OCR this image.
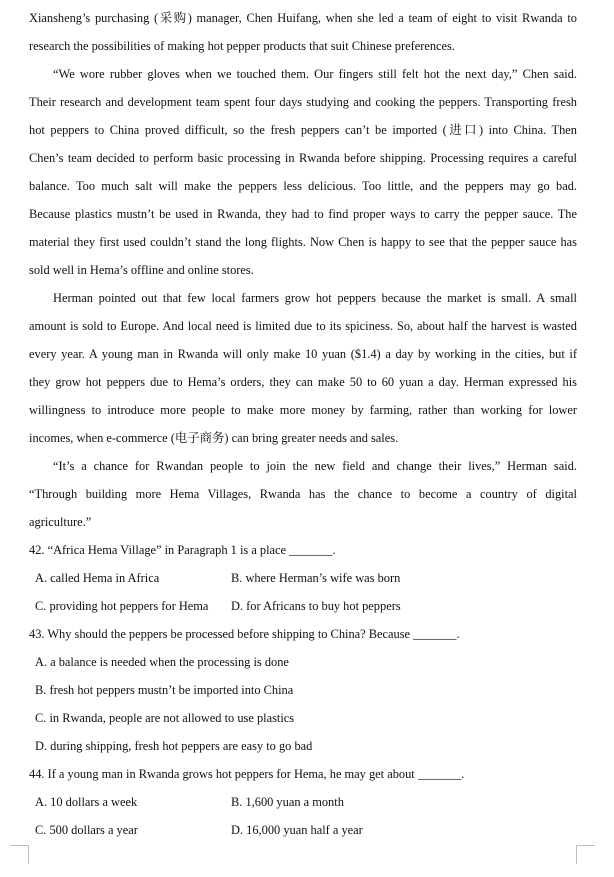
Xiansheng’s purchasing (采购) manager, Chen Huifang, when she led a team of eight to visit Rwanda to

research the possibilities of making hot pepper products that suit Chinese preferences.

“We wore rubber gloves when we touched them. Our fingers still felt hot the next day,” Chen said.

Their research and development team spent four days studying and cooking the peppers. Transporting fresh

hot peppers to China proved difficult, so the fresh peppers can’t be imported (进口) into China. Then

Chen’s team decided to perform basic processing in Rwanda before shipping. Processing requires a careful

balance. Too much salt will make the peppers less delicious. Too little, and the peppers may go bad.

Because plastics mustn’t be used in Rwanda, they had to find proper ways to carry the pepper sauce. The

material they first used couldn’t stand the long flights. Now Chen is happy to see that the pepper sauce has

sold well in Hema’s offline and online stores.

Herman pointed out that few local farmers grow hot peppers because the market is small. A small

amount is sold to Europe. And local need is limited due to its spiciness. So, about half the harvest is wasted

every year. A young man in Rwanda will only make 10 yuan ($1.4) a day by working in the cities, but if

they grow hot peppers due to Hema’s orders, they can make 50 to 60 yuan a day. Herman expressed his

willingness to introduce more people to make more money by farming, rather than working for lower

incomes, when e-commerce (电子商务) can bring greater needs and sales.

“It’s a chance for Rwandan people to join the new field and change their lives,” Herman said.

“Through building more Hema Villages, Rwanda has the chance to become a country of digital

agriculture.”

42. “Africa Hema Village” in Paragraph 1 is a place _______.

A. called Hema in Africa	B. where Herman’s wife was born
C. providing hot peppers for Hema D. for Africans to buy hot peppers

43. Why should the peppers be processed before shipping to China? Because _______.

A. a balance is needed when the processing is done

B. fresh hot peppers mustn’t be imported into China

C. in Rwanda, people are not allowed to use plastics

D. during shipping, fresh hot peppers are easy to go bad

44. If a young man in Rwanda grows hot peppers for Hema, he may get about _______.

A. 10 dollars a week	B. 1,600 yuan a month
C. 500 dollars a year	D. 16,000 yuan half a year
